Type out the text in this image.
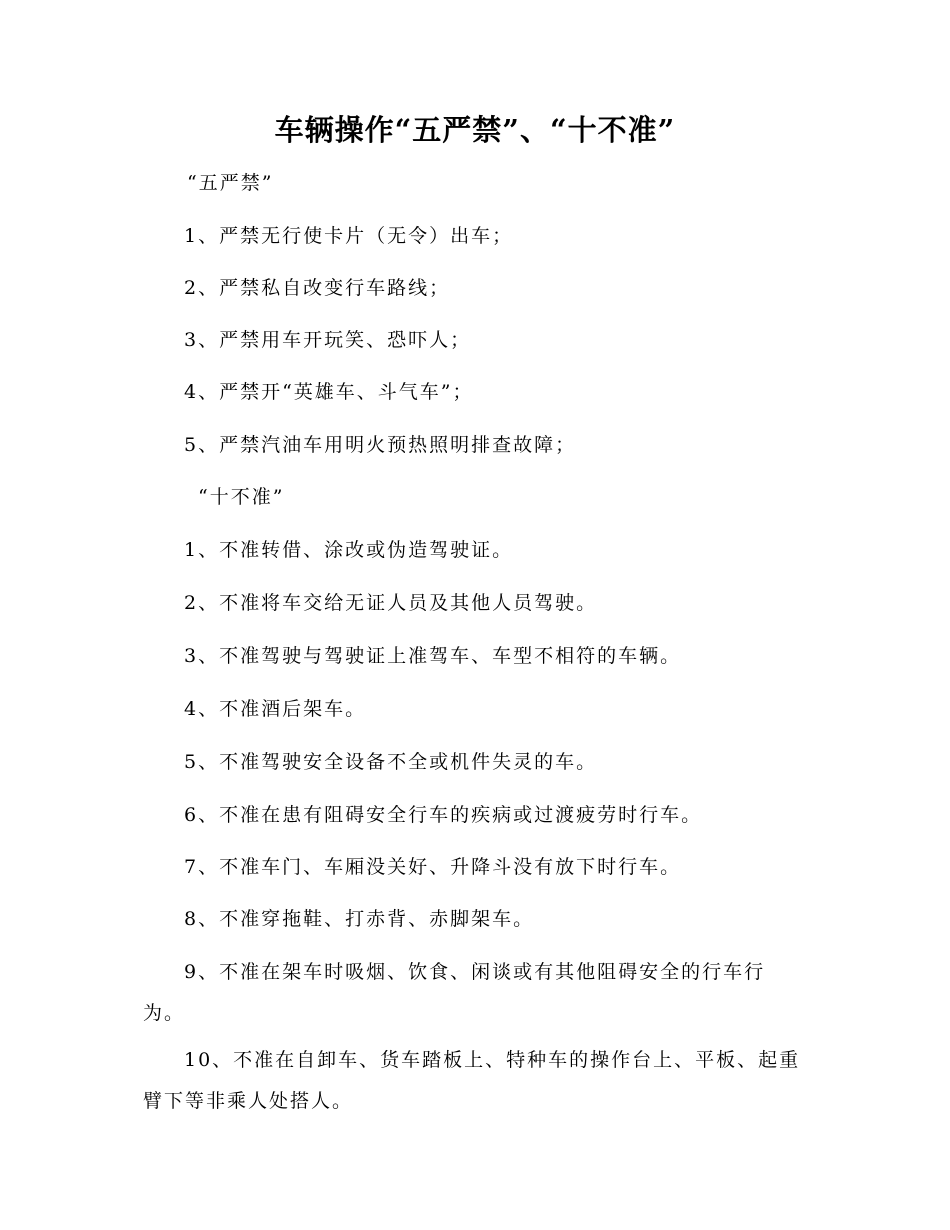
车辆操作“五严禁”、“十不准”

“五严禁”

1、严禁无行使卡片（无令）出车；

2、严禁私自改变行车路线；

3、严禁用车开玩笑、恐吓人；

4、严禁开“英雄车、斗气车”；

5、严禁汽油车用明火预热照明排查故障；

“十不准”

1、不准转借、涂改或伪造驾驶证。

2、不准将车交给无证人员及其他人员驾驶。

3、不准驾驶与驾驶证上准驾车、车型不相符的车辆。

4、不准酒后架车。

5、不准驾驶安全设备不全或机件失灵的车。

6、不准在患有阻碍安全行车的疾病或过渡疲劳时行车。

7、不准车门、车厢没关好、升降斗没有放下时行车。

8、不准穿拖鞋、打赤背、赤脚架车。

9、不准在架车时吸烟、饮食、闲谈或有其他阻碍安全的行车行为。

10、不准在自卸车、货车踏板上、特种车的操作台上、平板、起重臂下等非乘人处搭人。
